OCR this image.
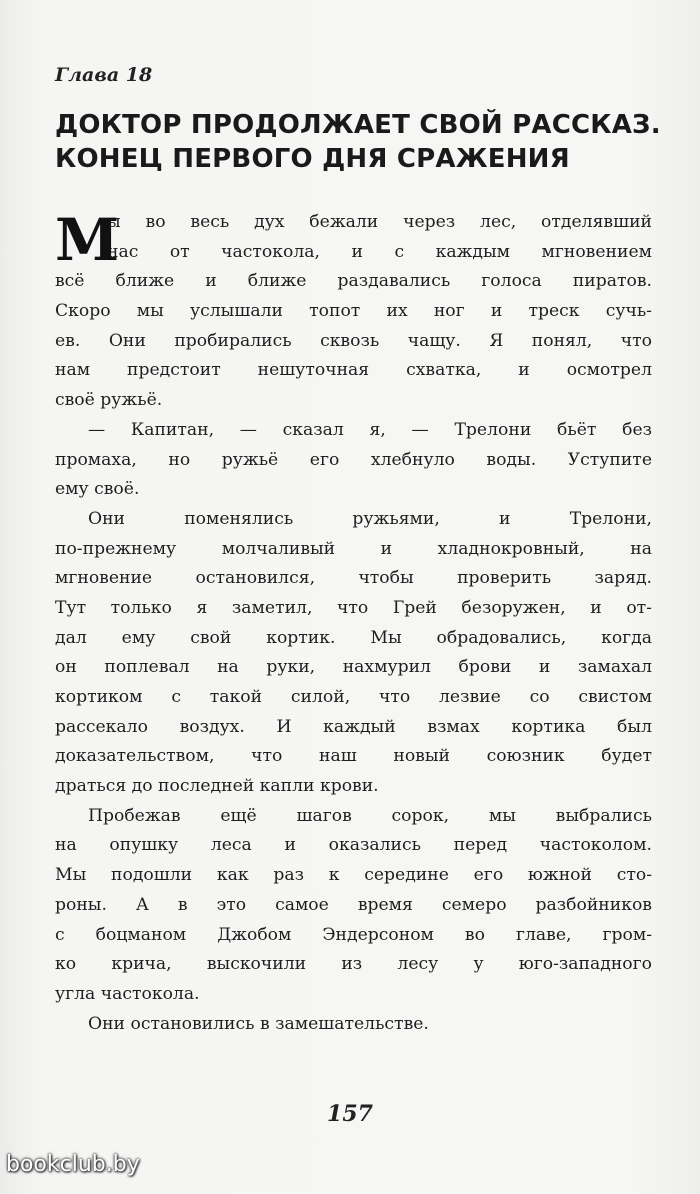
Глава 18
ДОКТОР ПРОДОЛЖАЕТ СВОЙ РАССКАЗ.
КОНЕЦ ПЕРВОГО ДНЯ СРАЖЕНИЯ
М
ы во весь дух бежали через лес, отделявший
нас от частокола, и с каждым мгновением
всё ближе и ближе раздавались голоса пиратов.
Скоро мы услышали топот их ног и треск сучь-
ев. Они пробирались сквозь чащу. Я понял, что
нам предстоит нешуточная схватка, и осмотрел
своё ружьё.
— Капитан, — сказал я, — Трелони бьёт без
промаха, но ружьё его хлебнуло воды. Уступите
ему своё.
Они поменялись ружьями, и Трелони,
по-прежнему молчаливый и хладнокровный, на
мгновение остановился, чтобы проверить заряд.
Тут только я заметил, что Грей безоружен, и от-
дал ему свой кортик. Мы обрадовались, когда
он поплевал на руки, нахмурил брови и замахал
кортиком с такой силой, что лезвие со свистом
рассекало воздух. И каждый взмах кортика был
доказательством, что наш новый союзник будет
драться до последней капли крови.
Пробежав ещё шагов сорок, мы выбрались
на опушку леса и оказались перед частоколом.
Мы подошли как раз к середине его южной сто-
роны. А в это самое время семеро разбойников
с боцманом Джобом Эндерсоном во главе, гром-
ко крича, выскочили из лесу у юго-западного
угла частокола.
Они остановились в замешательстве.
157
bookclub.by
